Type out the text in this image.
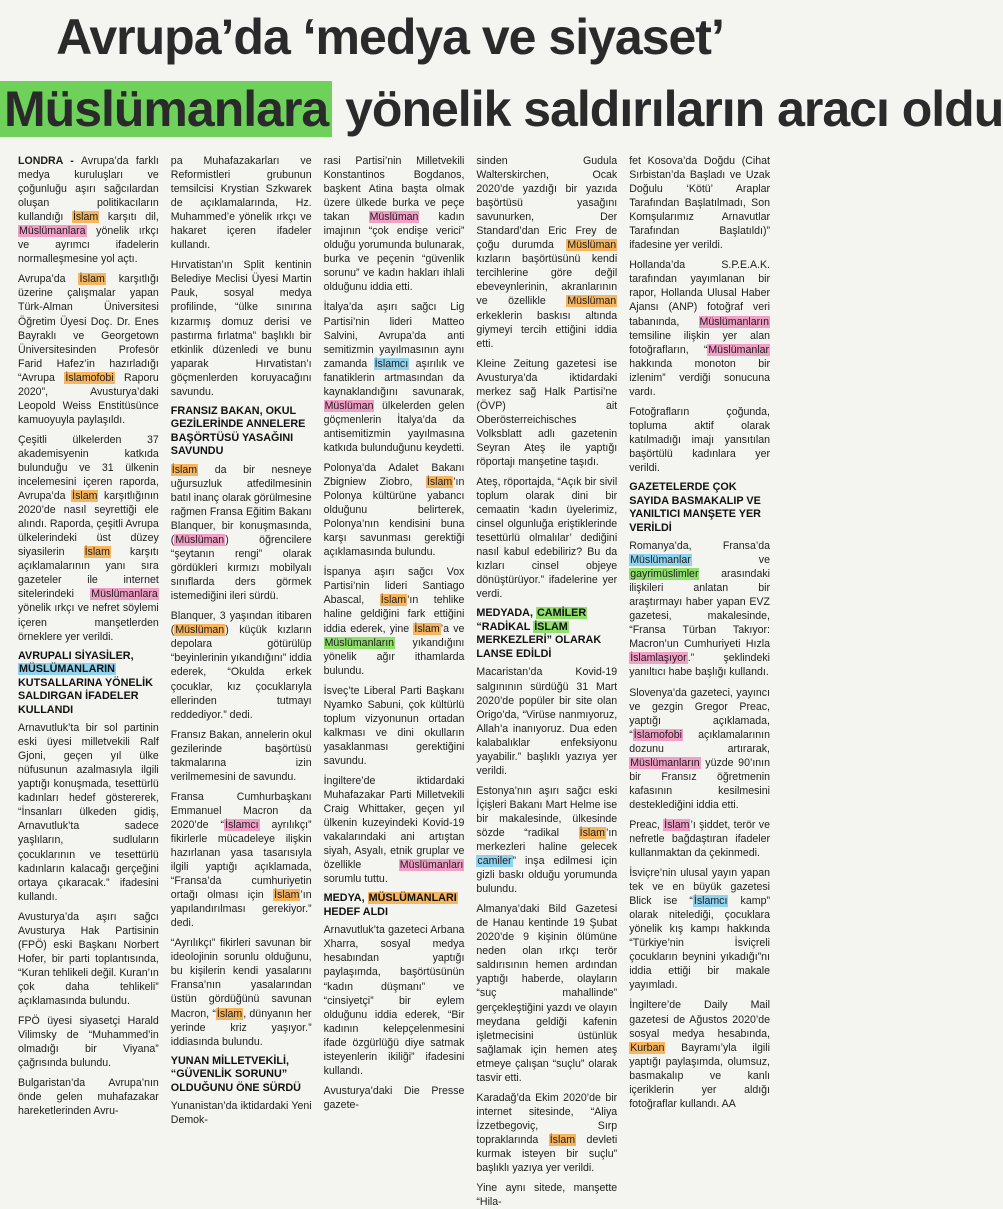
Avrupa’da ‘medya ve siyaset’
Müslümanlara yönelik saldırıların aracı oldu

LONDRA - Avrupa’da farklı medya kuruluşları ve çoğunluğu aşırı sağcılardan oluşan politikacıların kullandığı İslam karşıtı dil, Müslümanlara yönelik ırkçı ve ayrımcı ifadelerin normalleşmesine yol açtı.

Avrupa’da İslam karşıtlığı üzerine çalışmalar yapan Türk-Alman Üniversitesi Öğretim Üyesi Doç. Dr. Enes Bayraklı ve Georgetown Üniversitesinden Profesör Farid Hafez’in hazırladığı “Avrupa İslamofobi Raporu 2020”, Avusturya’daki Leopold Weiss Enstitüsünce kamuoyuyla paylaşıldı.

Çeşitli ülkelerden 37 akademisyenin katkıda bulunduğu ve 31 ülkenin incelemesini içeren raporda, Avrupa’da İslam karşıtlığının 2020’de nasıl seyrettiği ele alındı. Raporda, çeşitli Avrupa ülkelerindeki üst düzey siyasilerin İslam karşıtı açıklamalarının yanı sıra gazeteler ile internet sitelerindeki Müslümanlara yönelik ırkçı ve nefret söylemi içeren manşetlerden örneklere yer verildi.

AVRUPALI SİYASİLER, MÜSLÜMANLARIN KUTSALLARINA YÖNELİK SALDIRGAN İFADELER KULLANDI

Arnavutluk’ta bir sol partinin eski üyesi milletvekili Ralf Gjoni, geçen yıl ülke nüfusunun azalmasıyla ilgili yaptığı konuşmada, tesettürlü kadınları hedef göstererek, “İnsanları ülkeden gidiş, Arnavutluk’ta sadece yaşlıların, sudluların çocuklarının ve tesettürlü kadınların kalacağı gerçeğini ortaya çıkaracak.” ifadesini kullandı.

Avusturya’da aşırı sağcı Avusturya Hak Partisinin (FPÖ) eski Başkanı Norbert Hofer, bir parti toplantısında, “Kuran tehlikeli değil. Kuran’ın çok daha tehlikeli” açıklamasında bulundu.

FPÖ üyesi siyasetçi Harald Vilimsky de “Muhammed’in olmadığı bir Viyana” çağrısında bulundu.

Bulgaristan’da Avrupa’nın önde gelen muhafazakar hareketlerinden Avru-

pa Muhafazakarları ve Reformistleri grubunun temsilcisi Krystian Szkwarek de açıklamalarında, Hz. Muhammed’e yönelik ırkçı ve hakaret içeren ifadeler kullandı.

Hırvatistan’ın Split kentinin Belediye Meclisi Üyesi Martin Pauk, sosyal medya profilinde, “ülke sınırına kızarmış domuz derisi ve pastırma fırlatma” başlıklı bir etkinlik düzenledi ve bunu yaparak Hırvatistan’ı göçmenlerden koruyacağını savundu.

FRANSIZ BAKAN, OKUL GEZİLERİNDE ANNELERE BAŞÖRTÜSÜ YASAĞINI SAVUNDU

İslam da bir nesneye uğursuzluk atfedilmesinin batıl inanç olarak görülmesine rağmen Fransa Eğitim Bakanı Blanquer, bir konuşmasında, (Müslüman) öğrencilere “şeytanın rengi” olarak gördükleri kırmızı mobilyalı sınıflarda ders görmek istemediğini ileri sürdü.

Blanquer, 3 yaşından itibaren (Müslüman) küçük kızların depolara götürülüp “beyinlerinin yıkandığını” iddia ederek, “Okulda erkek çocuklar, kız çocuklarıyla ellerinden tutmayı reddediyor.” dedi.

Fransız Bakan, annelerin okul gezilerinde başörtüsü takmalarına izin verilmemesini de savundu.

Fransa Cumhurbaşkanı Emmanuel Macron da 2020’de “İslamcı ayrılıkçı” fikirlerle mücadeleye ilişkin hazırlanan yasa tasarısıyla ilgili yaptığı açıklamada, “Fransa’da cumhuriyetin ortağı olması için İslam’ın yapılandırılması gerekiyor.” dedi.

“Ayrılıkçı” fikirleri savunan bir ideolojinin sorunlu olduğunu, bu kişilerin kendi yasalarını Fransa’nın yasalarından üstün gördüğünü savunan Macron, “İslam, dünyanın her yerinde kriz yaşıyor.” iddiasında bulundu.

YUNAN MİLLETVEKİLİ, “GÜVENLİK SORUNU” OLDUĞUNU ÖNE SÜRDÜ

Yunanistan’da iktidardaki Yeni Demok-

rasi Partisi’nin Milletvekili Konstantinos Bogdanos, başkent Atina başta olmak üzere ülkede burka ve peçe takan Müslüman kadın imajının “çok endişe verici” olduğu yorumunda bulunarak, burka ve peçenin “güvenlik sorunu” ve kadın hakları ihlali olduğunu iddia etti.

İtalya’da aşırı sağcı Lig Partisi’nin lideri Matteo Salvini, Avrupa’da anti semitizmin yayılmasının aynı zamanda İslamcı aşırılık ve fanatiklerin artmasından da kaynaklandığını savunarak, Müslüman ülkelerden gelen göçmenlerin İtalya’da da antisemitizmin yayılmasına katkıda bulunduğunu keydetti.

Polonya’da Adalet Bakanı Zbigniew Ziobro, İslam’ın Polonya kültürüne yabancı olduğunu belirterek, Polonya’nın kendisini buna karşı savunması gerektiği açıklamasında bulundu.

İspanya aşırı sağcı Vox Partisi’nin lideri Santiago Abascal, İslam’ın tehlike haline geldiğini fark ettiğini iddia ederek, yine İslam’a ve Müslümanların yıkandığını yönelik ağır ithamlarda bulundu.

İsveç’te Liberal Parti Başkanı Nyamko Sabuni, çok kültürlü toplum vizyonunun ortadan kalkması ve dini okulların yasaklanması gerektiğini savundu.

İngiltere’de iktidardaki Muhafazakar Parti Milletvekili Craig Whittaker, geçen yıl ülkenin kuzeyindeki Kovid-19 vakalarındaki ani artıştan siyah, Asyalı, etnik gruplar ve özellikle Müslümanları sorumlu tuttu.

MEDYA, MÜSLÜMANLARI HEDEF ALDI

Arnavutluk’ta gazeteci Arbana Xharra, sosyal medya hesabından yaptığı paylaşımda, başörtüsünün “kadın düşmanı” ve “cinsiyetçi” bir eylem olduğunu iddia ederek, “Bir kadının kelepçelenmesini ifade özgürlüğü diye satmak isteyenlerin ikiliği” ifadesini kullandı.

Avusturya’daki Die Presse gazete-

sinden Gudula Walterskirchen, Ocak 2020’de yazdığı bir yazıda başörtüsü yasağını savunurken, Der Standard’dan Eric Frey de çoğu durumda Müslüman kızların başörtüsünü kendi tercihlerine göre değil ebeveynlerinin, akranlarının ve özellikle Müslüman erkeklerin baskısı altında giymeyi tercih ettiğini iddia etti.

Kleine Zeitung gazetesi ise Avusturya’da iktidardaki merkez sağ Halk Partisi’ne (ÖVP) ait Oberösterreichisches Volksblatt adlı gazetenin Seyran Ateş ile yaptığı röportajı manşetine taşıdı.

Ateş, röportajda, “Açık bir sivil toplum olarak dini bir cemaatin ‘kadın üyelerimiz, cinsel olgunluğa eriştiklerinde tesettürlü olmalılar’ dediğini nasıl kabul edebiliriz? Bu da kızları cinsel objeye dönüştürüyor.” ifadelerine yer verdi.

MEDYADA, CAMİLER “RADİKAL İSLAM MERKEZLERİ” OLARAK LANSE EDİLDİ

Macaristan’da Kovid-19 salgınının sürdüğü 31 Mart 2020’de popüler bir site olan Origo’da, “Virüse nanmıyoruz, Allah’a inanıyoruz. Dua eden kalabalıklar enfeksiyonu yayabilir.” başlıklı yazıya yer verildi.

Estonya’nın aşırı sağcı eski İçişleri Bakanı Mart Helme ise bir makalesinde, ülkesinde sözde “radikal İslam’ın merkezleri haline gelecek camiler” inşa edilmesi için gizli baskı olduğu yorumunda bulundu.

Almanya’daki Bild Gazetesi de Hanau kentinde 19 Şubat 2020’de 9 kişinin ölümüne neden olan ırkçı terör saldırısının hemen ardından yaptığı haberde, olayların “suç mahallinde” gerçekleştiğini yazdı ve olayın meydana geldiği kafenin işletmecisini üstünlük sağlamak için hemen ateş etmeye çalışan “suçlu” olarak tasvir etti.

Karadağ’da Ekim 2020’de bir internet sitesinde, “Aliya İzzetbegoviç, Sırp topraklarında İslam devleti kurmak isteyen bir suçlu” başlıklı yazıya yer verildi.

Yine aynı sitede, manşette “Hila-

fet Kosova’da Doğdu (Cihat Sırbistan’da Başladı ve Uzak Doğulu ‘Kötü’ Araplar Tarafından Başlatılmadı, Son Komşularımız Arnavutlar Tarafından Başlatıldı)” ifadesine yer verildi.

Hollanda’da S.P.E.A.K. tarafından yayımlanan bir rapor, Hollanda Ulusal Haber Ajansı (ANP) fotoğraf veri tabanında, Müslümanların temsiline ilişkin yer alan fotoğrafların, “Müslümanlar hakkında monoton bir izlenim” verdiği sonucuna vardı.

Fotoğrafların çoğunda, topluma aktif olarak katılmadığı imajı yansıtılan başörtülü kadınlara yer verildi.

GAZETELERDE ÇOK SAYIDA BASMAKALIP VE YANILTICI MANŞETE YER VERİLDİ

Romanya’da, Fransa’da Müslümanlar ve gayrimüslimler arasındaki ilişkileri anlatan bir araştırmayı haber yapan EVZ gazetesi, makalesinde, “Fransa Türban Takıyor: Macron’un Cumhuriyeti Hızla İslamlaşıyor.” şeklindeki yanıltıcı habe başlığı kullandı.

Slovenya’da gazeteci, yayıncı ve gezgin Gregor Preac, yaptığı açıklamada, “İslamofobi açıklamalarının dozunu artırarak, Müslümanların yüzde 90’ının bir Fransız öğretmenin kafasının kesilmesini desteklediğini iddia etti.

Preac, İslam’ı şiddet, terör ve nefretle bağdaştıran ifadeler kullanmaktan da çekinmedi.

İsviçre’nin ulusal yayın yapan tek ve en büyük gazetesi Blick ise “İslamcı kamp” olarak nitelediği, çocuklara yönelik kış kampı hakkında “Türkiye’nin İsviçreli çocukların beynini yıkadığı”nı iddia ettiği bir makale yayımladı.

İngiltere’de Daily Mail gazetesi de Ağustos 2020’de sosyal medya hesabında, Kurban Bayramı’yla ilgili yaptığı paylaşımda, olumsuz, basmakalıp ve kanlı içeriklerin yer aldığı fotoğraflar kullandı. AA
